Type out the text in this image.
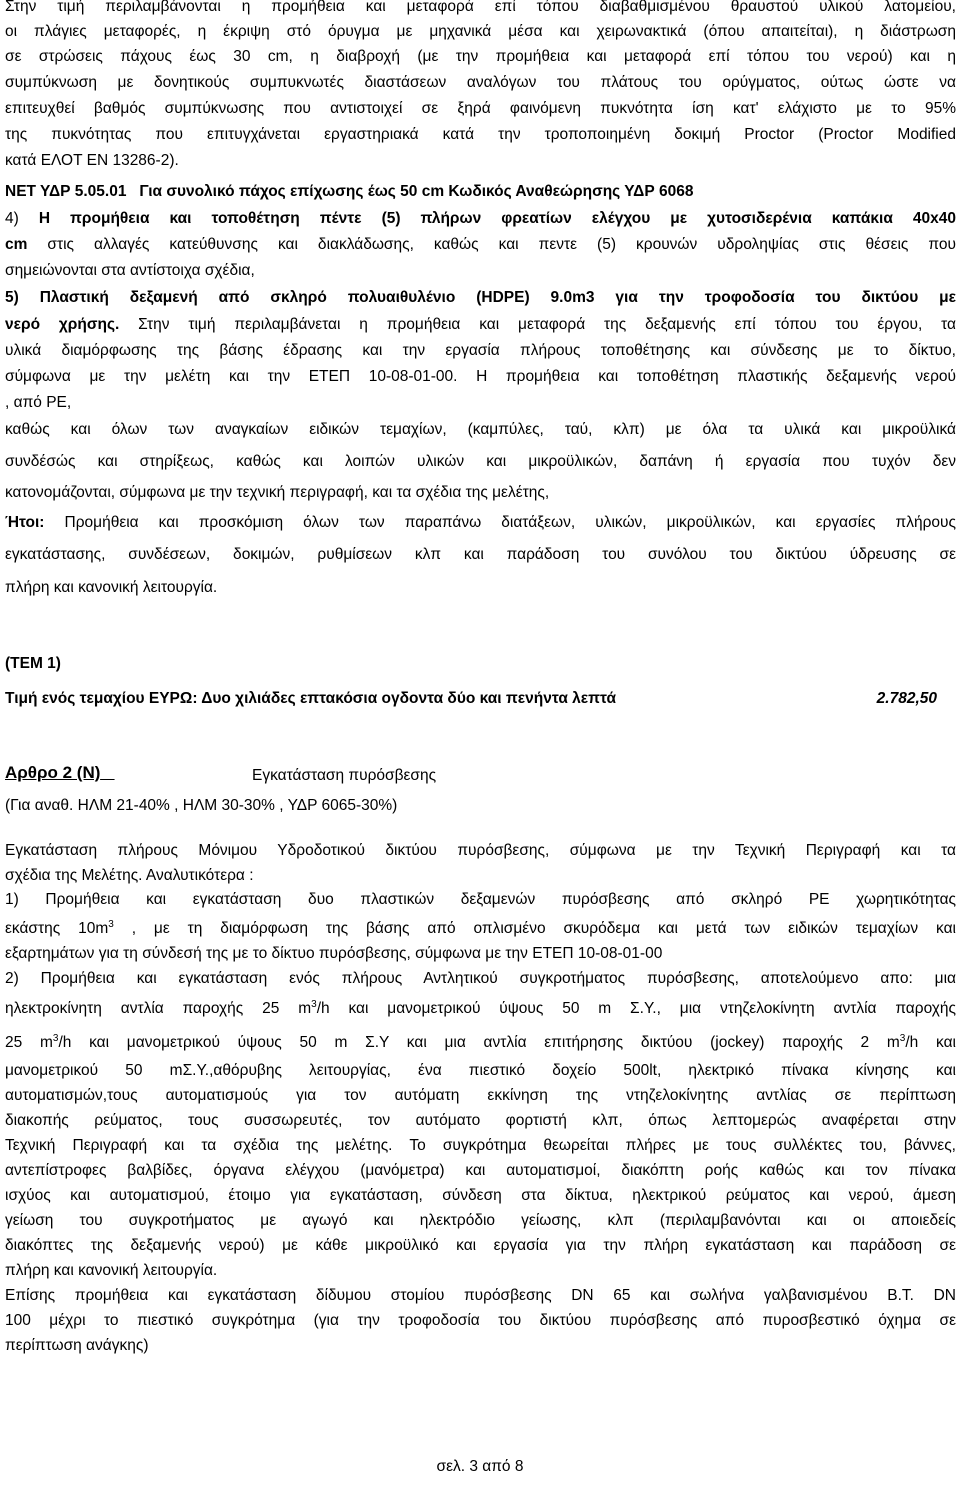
Στην τιμή περιλαμβάνονται η προμήθεια και μεταφορά επί τόπου διαβαθμισμένου θραυστού υλικού λατομείου,
οι πλάγιες μεταφορές, η έκριψη στό όρυγμα με μηχανικά μέσα και χειρωνακτικά (όπου απαιτείται), η διάστρωση
σε στρώσεις πάχους έως 30 cm, η διαβροχή (με την προμήθεια και μεταφορά επί τόπου του νερού) και η
συμπύκνωση με δονητικούς συμπυκνωτές διαστάσεων αναλόγων του πλάτους του ορύγματος, ούτως ώστε να
επιτευχθεί βαθμός συμπύκνωσης που αντιστοιχεί σε ξηρά φαινόμενη πυκνότητα ίση κατ' ελάχιστο με το 95%
της πυκνότητας που επιτυγχάνεται εργαστηριακά κατά την τροποποιημένη δοκιμή Proctor (Proctor Modified
κατά ΕΛΟΤ ΕΝ 13286-2).
ΝΕΤ ΥΔΡ 5.05.01   Για συνολικό πάχος επίχωσης έως 50 cm Κωδικός Αναθεώρησης ΥΔΡ 6068
4) Η προμήθεια και τοποθέτηση πέντε (5) πλήρων φρεατίων ελέγχου με χυτοσιδερένια καπάκια 40x40
cm στις αλλαγές κατεύθυνσης και διακλάδωσης, καθώς και πεντε (5) κρουνών υδροληψίας στις θέσεις που
σημειώνονται στα αντίστοιχα σχέδια,
5) Πλαστική δεξαμενή από σκληρό πολυαιθυλένιο (HDPE) 9.0m3 για την τροφοδοσία του δικτύου με
νερό χρήσης. Στην τιμή περιλαμβάνεται η προμήθεια και μεταφορά της δεξαμενής επί τόπου του έργου, τα
υλικά διαμόρφωσης της βάσης έδρασης και την εργασία πλήρους τοποθέτησης και σύνδεσης με το δίκτυο,
σύμφωνα με την μελέτη και την ΕΤΕΠ 10-08-01-00. Η προμήθεια και τοποθέτηση πλαστικής δεξαμενής νερού
, από PE,
καθώς και όλων των αναγκαίων ειδικών τεμαχίων, (καμπύλες, ταύ, κλπ) με όλα τα υλικά και μικροϋλικά
συνδέσώς και στηρίξεως, καθώς και λοιπών υλικών και μικροϋλικών, δαπάνη ή εργασία που τυχόν δεν
κατονομάζονται, σύμφωνα με την τεχνική περιγραφή, και τα σχέδια της μελέτης,
Ήτοι: Προμήθεια και προσκόμιση όλων των παραπάνω διατάξεων, υλικών, μικροϋλικών, και εργασίες πλήρους
εγκατάστασης, συνδέσεων, δοκιμών, ρυθμίσεων κλπ και παράδοση του συνόλου του δικτύου ύδρευσης σε
πλήρη και κανονική λειτουργία.
(ΤΕΜ 1)
Τιμή ενός τεμαχίου ΕΥΡΩ: Δυο χιλιάδες επτακόσια ογδοντα δύο και πενήντα λεπτά	2.782,50
Αρθρο 2 (Ν)	Εγκατάσταση πυρόσβεσης
(Για αναθ. ΗΛΜ 21-40% , ΗΛΜ 30-30% , ΥΔΡ 6065-30%)
Εγκατάσταση πλήρους Μόνιμου Υδροδοτικού δικτύου πυρόσβεσης, σύμφωνα με την Τεχνική Περιγραφή και τα
σχέδια της Μελέτης. Αναλυτικότερα :
1) Προμήθεια και εγκατάσταση δυο πλαστικών δεξαμενών πυρόσβεσης από σκληρό PE χωρητικότητας
εκάστης $10m^3$ , με τη διαμόρφωση της βάσης από οπλισμένο σκυρόδεμα και μετά των ειδικών τεμαχίων και
εξαρτημάτων για τη σύνδεσή της με το δίκτυο πυρόσβεσης, σύμφωνα με την ΕΤΕΠ 10-08-01-00
2) Προμήθεια και εγκατάσταση ενός πλήρους Αντλητικού συγκροτήματος πυρόσβεσης, αποτελούμενο απο: μια
ηλεκτροκίνητη αντλία παροχής 25 $m^3/h$ και μανομετρικού ύψους 50 m Σ.Υ., μια ντηζελοκίνητη αντλία παροχής
25 $m^3/h$ και μανομετρικού ύψους 50 m Σ.Υ και μια αντλία επιτήρησης δικτύου (jockey) παροχής 2 $m^3/h$ και
μανομετρικού 50 mΣ.Υ.,αθόρυβης λειτουργίας, ένα πιεστικό δοχείο 500lt, ηλεκτρικό πίνακα κίνησης και
αυτοματισμών,τους αυτοματισμούς για τον αυτόματη εκκίνηση της ντηζελοκίνητης αντλίας σε περίπτωση
διακοπής ρεύματος, τους συσσωρευτές, τον αυτόματο φορτιστή κλπ, όπως λεπτομερώς αναφέρεται στην
Τεχνική Περιγραφή και τα σχέδια της μελέτης. Το συγκρότημα θεωρείται πλήρες με τους συλλέκτες του, βάννες,
αντεπίστροφες βαλβίδες, όργανα ελέγχου (μανόμετρα) και αυτοματισμοί, διακόπτη ροής καθώς και τον πίνακα
ισχύος και αυτοματισμού, έτοιμο για εγκατάσταση, σύνδεση στα δίκτυα, ηλεκτρικού ρεύματος και νερού, άμεση
γείωση του συγκροτήματος με αγωγό και ηλεκτρόδιο γείωσης, κλπ (περιλαμβανόνται και οι αποιεδείς
διακόπτες της δεξαμενής νερού) με κάθε μικροϋλικό και εργασία για την πλήρη εγκατάσταση και παράδοση σε
πλήρη και κανονική λειτουργία.
Επίσης προμήθεια και εγκατάσταση δίδυμου στομίου πυρόσβεσης DN 65 και σωλήνα γαλβανισμένου Β.Τ. DN
100 μέχρι το πιεστικό συγκρότημα (για την τροφοδοσία του δικτύου πυρόσβεσης από πυροσβεστικό όχημα σε
περίπτωση ανάγκης)
σελ. 3 από 8
